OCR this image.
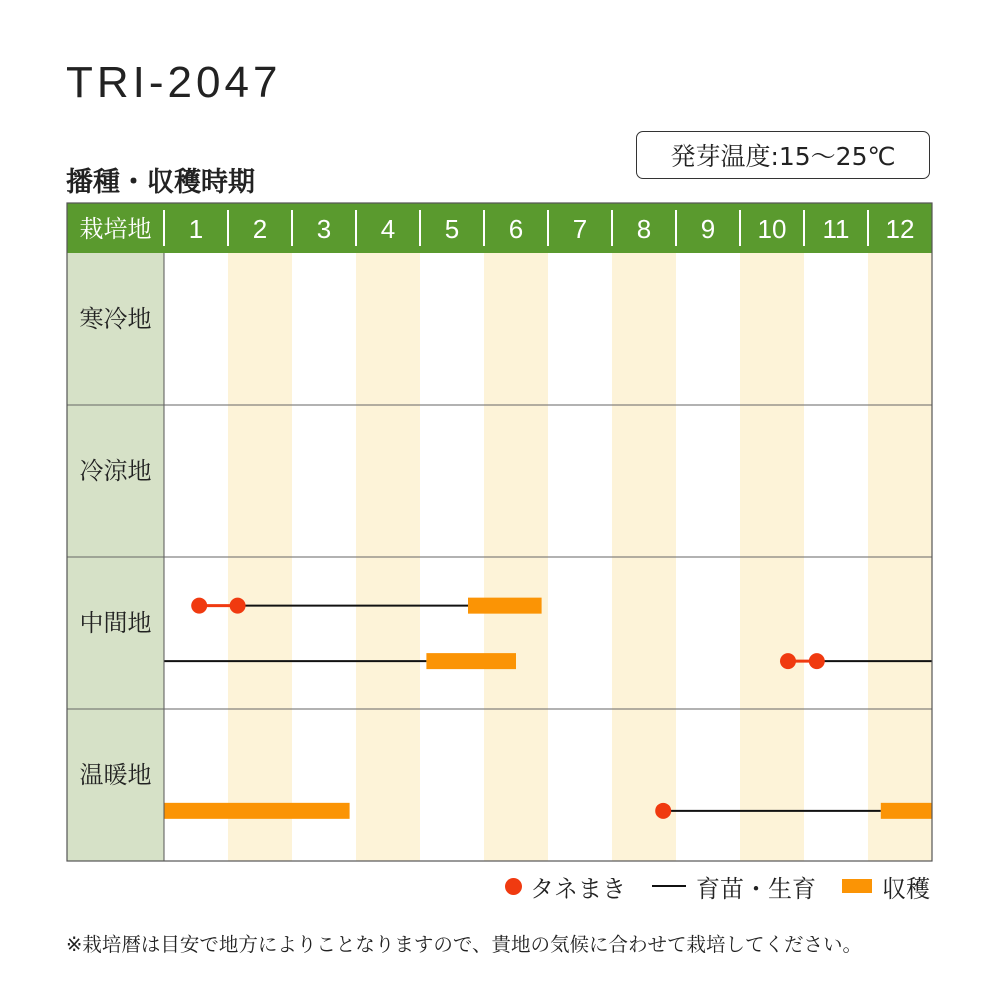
TRI-2047
播種・収穫時期
発芽温度:15〜25℃
栽培地 1 2 3 4 5 6 7 8 9 10 11 12
寒冷地
冷涼地
中間地
温暖地
タネまき	育苗・生育	収穫
※栽培暦は目安で地方によりことなりますので、貴地の気候に合わせて栽培してください。
